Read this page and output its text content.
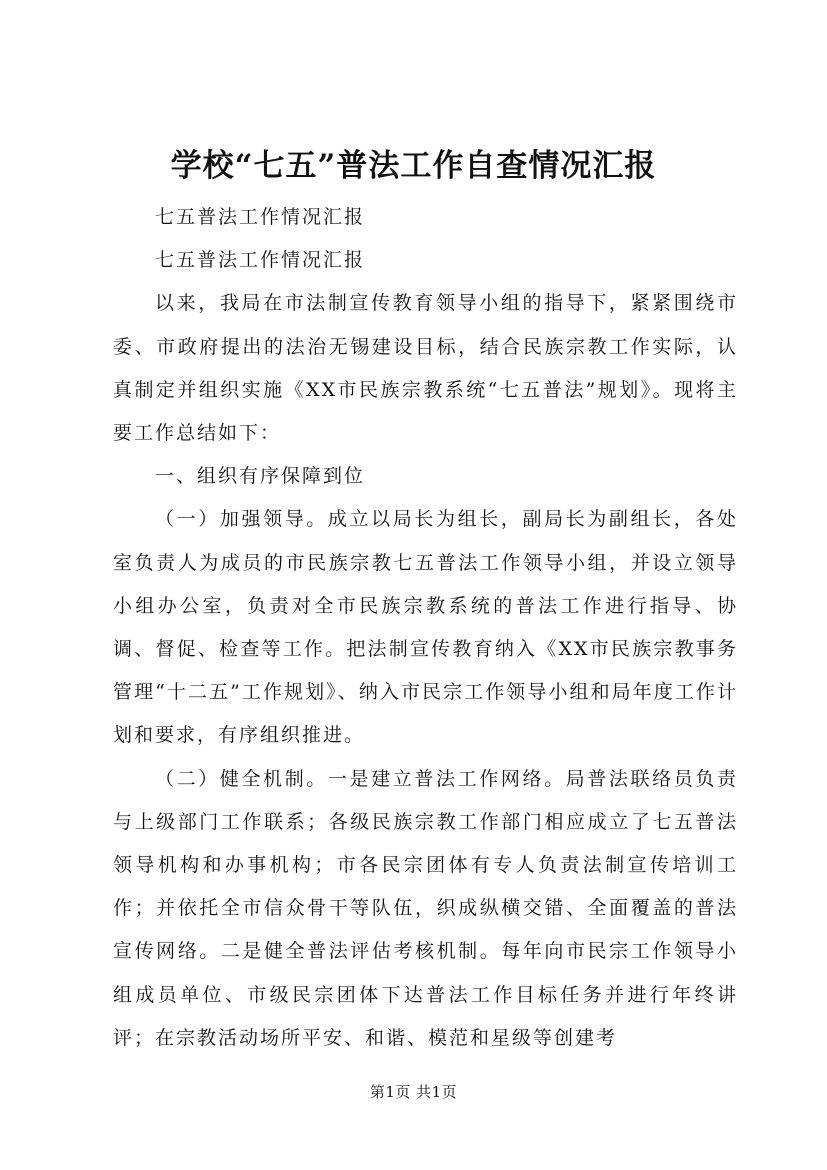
学校“七五”普法工作自查情况汇报

七五普法工作情况汇报

七五普法工作情况汇报

以来，我局在市法制宣传教育领导小组的指导下，紧紧围绕市委、市政府提出的法治无锡建设目标，结合民族宗教工作实际，认真制定并组织实施《XX市民族宗教系统“七五普法”规划》。现将主要工作总结如下：

一、组织有序保障到位

（一）加强领导。成立以局长为组长，副局长为副组长，各处室负责人为成员的市民族宗教七五普法工作领导小组，并设立领导小组办公室，负责对全市民族宗教系统的普法工作进行指导、协调、督促、检查等工作。把法制宣传教育纳入《XX市民族宗教事务管理“十二五”工作规划》、纳入市民宗工作领导小组和局年度工作计划和要求，有序组织推进。

（二）健全机制。一是建立普法工作网络。局普法联络员负责与上级部门工作联系；各级民族宗教工作部门相应成立了七五普法领导机构和办事机构；市各民宗团体有专人负责法制宣传培训工作；并依托全市信众骨干等队伍，织成纵横交错、全面覆盖的普法宣传网络。二是健全普法评估考核机制。每年向市民宗工作领导小组成员单位、市级民宗团体下达普法工作目标任务并进行年终讲评；在宗教活动场所平安、和谐、模范和星级等创建考

第1页 共1页
